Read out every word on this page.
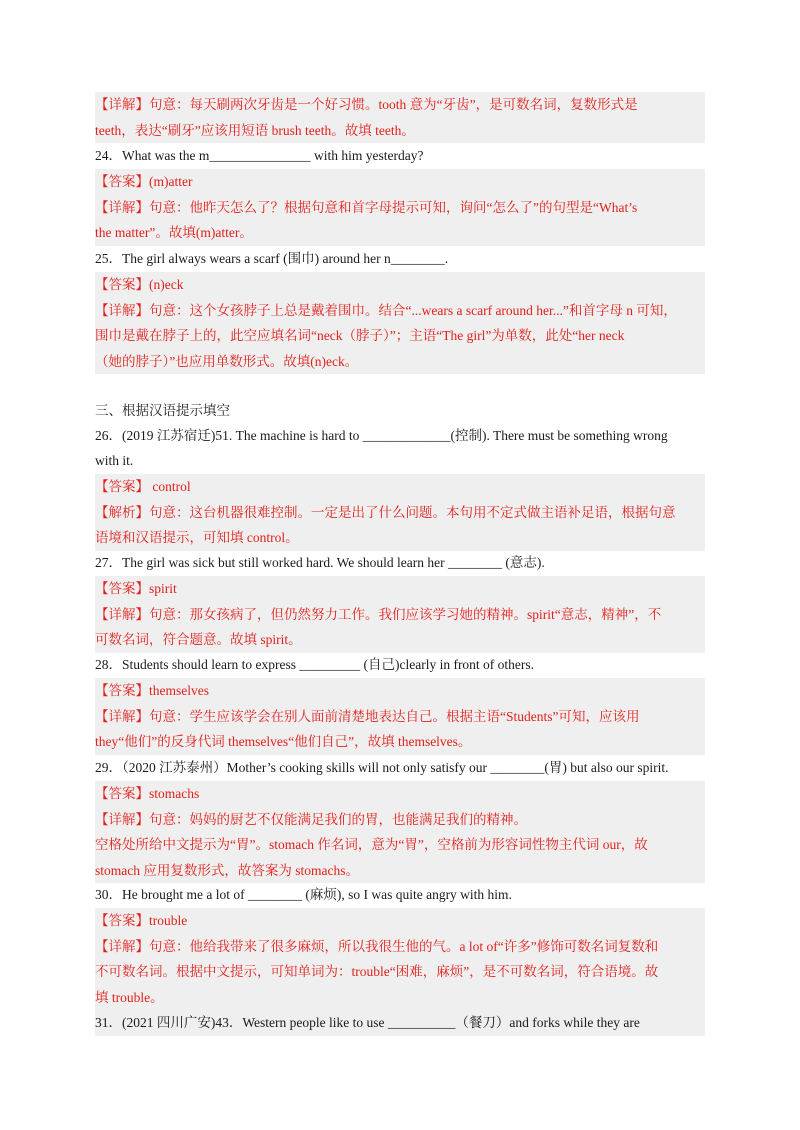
【详解】句意：每天刷两次牙齿是一个好习惯。tooth 意为“牙齿”，是可数名词，复数形式是
teeth，表达“刷牙”应该用短语 brush teeth。故填 teeth。
24．What was the m_______________ with him yesterday?
【答案】(m)atter
【详解】句意：他昨天怎么了？根据句意和首字母提示可知，询问“怎么了”的句型是“What’s
the matter”。故填(m)atter。
25．The girl always wears a scarf (围巾) around her n________.
【答案】(n)eck
【详解】句意：这个女孩脖子上总是戴着围巾。结合“...wears a scarf around her...”和首字母 n 可知，
围巾是戴在脖子上的，此空应填名词“neck（脖子）”；主语“The girl”为单数，此处“her neck
（她的脖子）”也应用单数形式。故填(n)eck。
三、根据汉语提示填空
26．(2019 江苏宿迁)51. The machine is hard to _____________(控制). There must be something wrong
with it.
【答案】 control
【解析】句意：这台机器很难控制。一定是出了什么问题。本句用不定式做主语补足语，根据句意
语境和汉语提示，可知填 control。
27．The girl was sick but still worked hard. We should learn her ________ (意志).
【答案】spirit
【详解】句意：那女孩病了，但仍然努力工作。我们应该学习她的精神。spirit“意志，精神”，不
可数名词，符合题意。故填 spirit。
28．Students should learn to express _________ (自己)clearly in front of others.
【答案】themselves
【详解】句意：学生应该学会在别人面前清楚地表达自己。根据主语“Students”可知，应该用
they“他们”的反身代词 themselves“他们自己”，故填 themselves。
29．（2020 江苏泰州）Mother’s cooking skills will not only satisfy our ________(胃) but also our spirit.
【答案】stomachs
【详解】句意：妈妈的厨艺不仅能满足我们的胃，也能满足我们的精神。
空格处所给中文提示为“胃”。stomach 作名词，意为“胃”，空格前为形容词性物主代词 our，故
stomach 应用复数形式，故答案为 stomachs。
30．He brought me a lot of ________ (麻烦), so I was quite angry with him.
【答案】trouble
【详解】句意：他给我带来了很多麻烦，所以我很生他的气。a lot of“许多”修饰可数名词复数和
不可数名词。根据中文提示，可知单词为：trouble“困难，麻烦”，是不可数名词，符合语境。故
填 trouble。
31．(2021 四川广安)43．Western people like to use __________（餐刀）and forks while they are
